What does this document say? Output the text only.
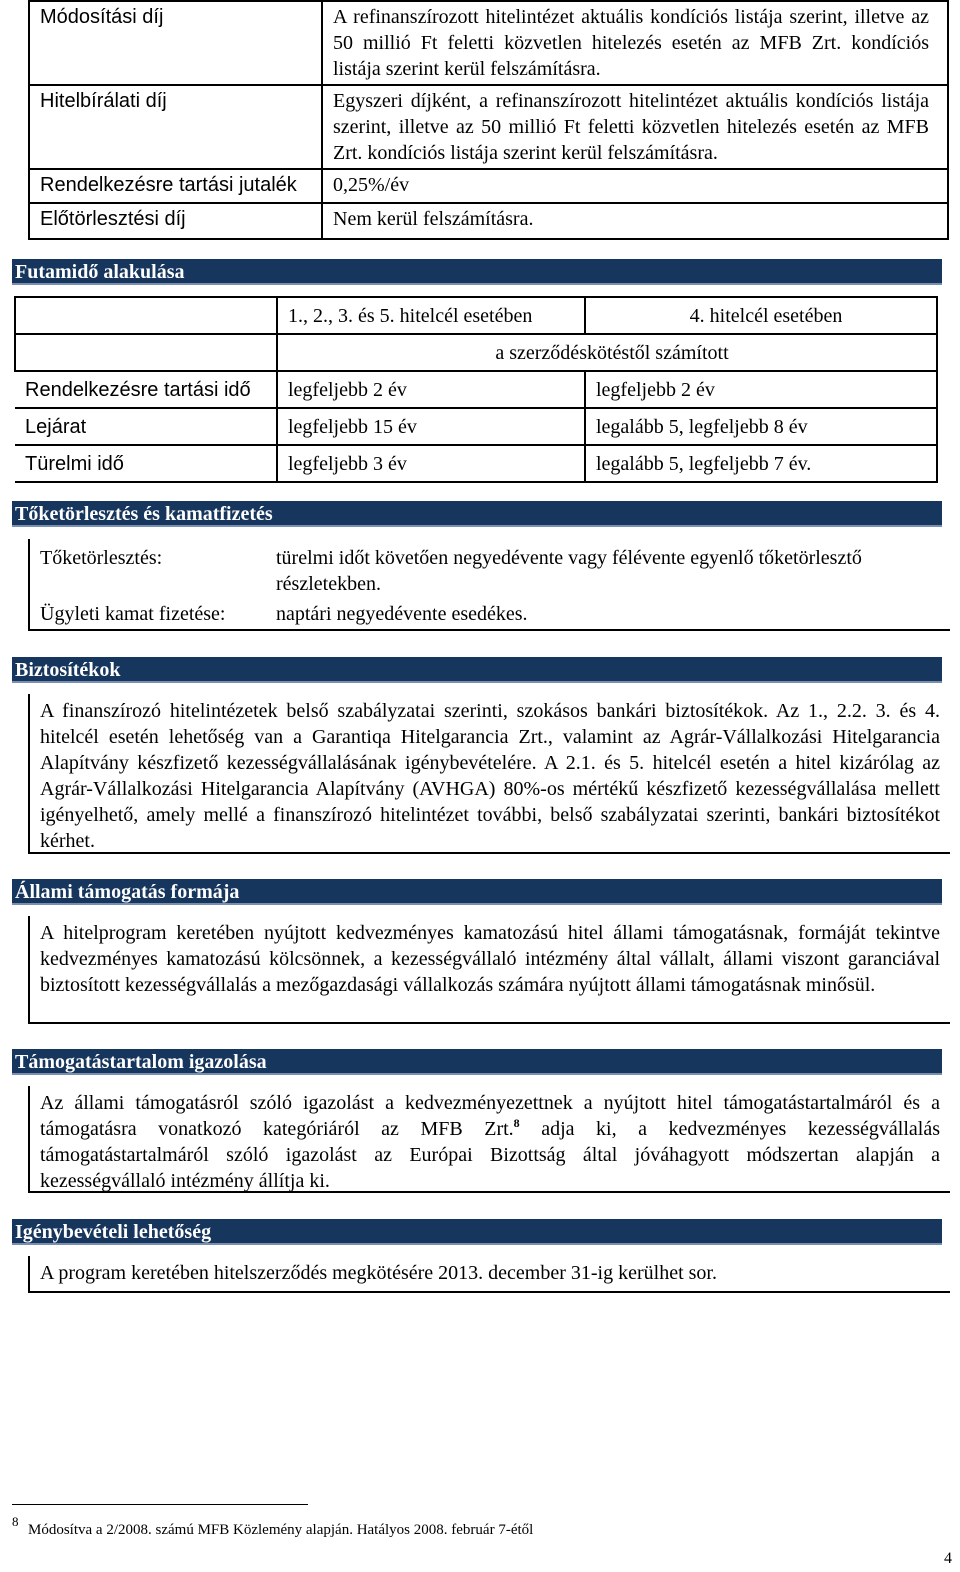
Módosítási díj	A refinanszírozott hitelintézet aktuális kondíciós listája szerint, illetve az 50 millió Ft feletti közvetlen hitelezés esetén az MFB Zrt. kondíciós listája szerint kerül felszámításra.
Hitelbírálati díj	Egyszeri díjként, a refinanszírozott hitelintézet aktuális kondíciós listája szerint, illetve az 50 millió Ft feletti közvetlen hitelezés esetén az MFB Zrt. kondíciós listája szerint kerül felszámításra.
Rendelkezésre tartási jutalék	0,25%/év
Előtörlesztési díj	Nem kerül felszámításra.
Futamidő alakulása
	1., 2., 3. és 5. hitelcél esetében	4. hitelcél esetében
	a szerződéskötéstől számított	
Rendelkezésre tartási idő	legfeljebb 2 év	legfeljebb 2 év
Lejárat	legfeljebb 15 év	legalább 5, legfeljebb 8 év
Türelmi idő	legfeljebb 3 év	legalább 5, legfeljebb 7 év.
Tőketörlesztés és kamatfizetés
Tőketörlesztés:	türelmi időt követően negyedévente vagy félévente egyenlő tőketörlesztő
részletekben.
Ügyleti kamat fizetése:	naptári negyedévente esedékes.
Biztosítékok
A finanszírozó hitelintézetek belső szabályzatai szerinti, szokásos bankári biztosítékok. Az 1., 2.2. 3. és 4. hitelcél esetén lehetőség van a Garantiqa Hitelgarancia Zrt., valamint az Agrár-Vállalkozási Hitelgarancia Alapítvány készfizető kezességvállalásának igénybevételére. A 2.1. és 5. hitelcél esetén a hitel kizárólag az Agrár-Vállalkozási Hitelgarancia Alapítvány (AVHGA) 80%-os mértékű készfizető kezességvállalása mellett igényelhető, amely mellé a finanszírozó hitelintézet további, belső szabályzatai szerinti, bankári biztosítékot kérhet.
Állami támogatás formája
A hitelprogram keretében nyújtott kedvezményes kamatozású hitel állami támogatásnak, formáját tekintve kedvezményes kamatozású kölcsönnek, a kezességvállaló intézmény által vállalt, állami viszont garanciával biztosított kezességvállalás a mezőgazdasági vállalkozás számára nyújtott állami támogatásnak minősül.
Támogatástartalom igazolása
Az állami támogatásról szóló igazolást a kedvezményezettnek a nyújtott hitel támogatástartalmáról és a támogatásra vonatkozó kategóriáról az MFB Zrt.$^8$ adja ki, a kedvezményes kezességvállalás támogatástartalmáról szóló igazolást az Európai Bizottság által jóváhagyott módszertan alapján a kezességvállaló intézmény állítja ki.
Igénybevételi lehetőség
A program keretében hitelszerződés megkötésére 2013. december 31-ig kerülhet sor.
8
Módosítva a 2/2008. számú MFB Közlemény alapján. Hatályos 2008. február 7-étől
4
